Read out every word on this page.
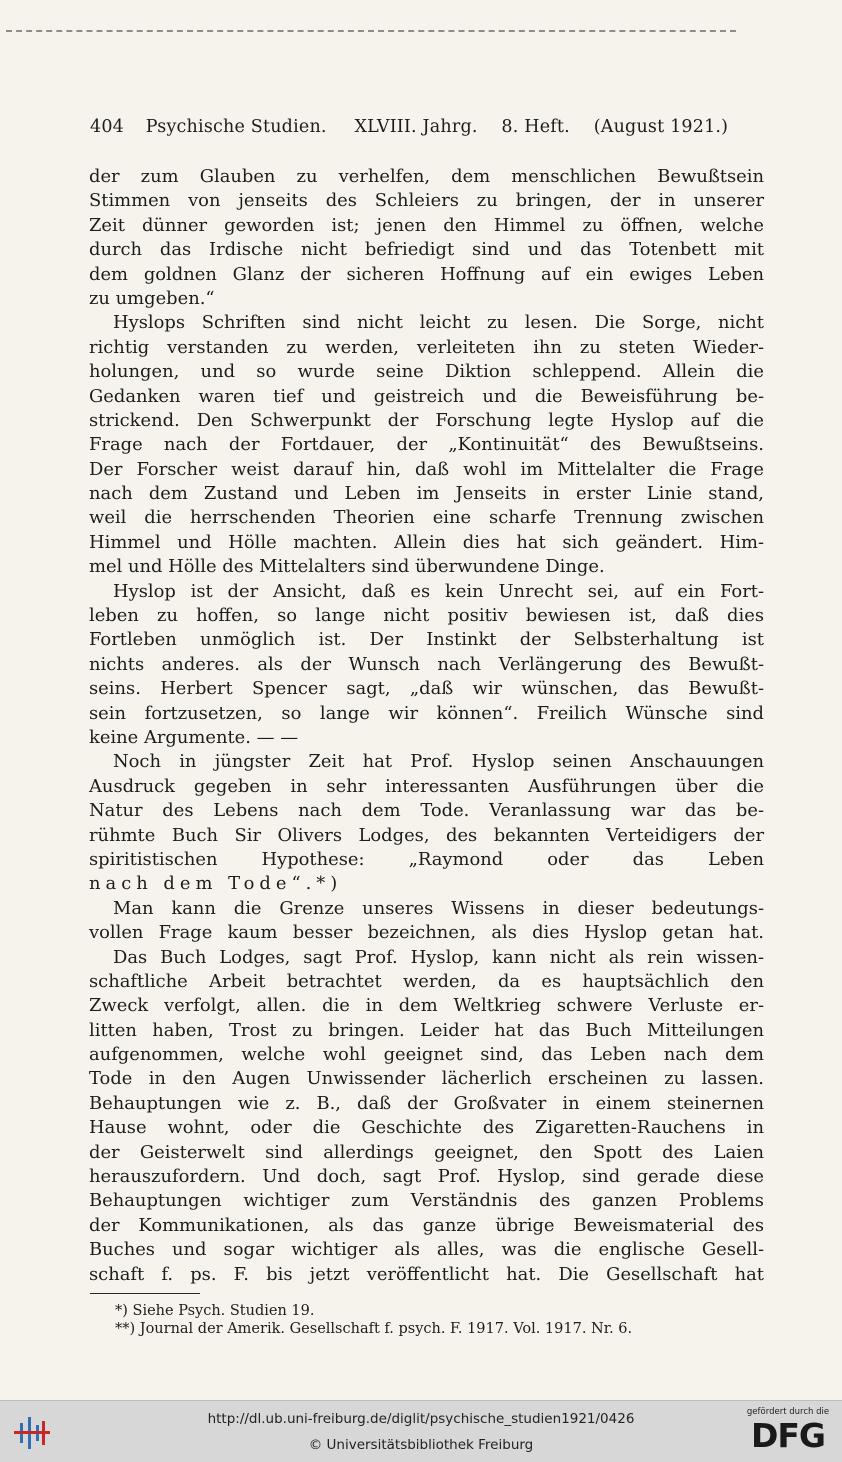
404 Psychische Studien. XLVIII. Jahrg. 8. Heft. (August 1921.)
der zum Glauben zu verhelfen, dem menschlichen Bewußtsein
Stimmen von jenseits des Schleiers zu bringen, der in unserer
Zeit dünner geworden ist; jenen den Himmel zu öffnen, welche
durch das Irdische nicht befriedigt sind und das Totenbett mit
dem goldnen Glanz der sicheren Hoffnung auf ein ewiges Leben
zu umgeben.“
Hyslops Schriften sind nicht leicht zu lesen. Die Sorge, nicht
richtig verstanden zu werden, verleiteten ihn zu steten Wieder-
holungen, und so wurde seine Diktion schleppend. Allein die
Gedanken waren tief und geistreich und die Beweisführung be-
strickend. Den Schwerpunkt der Forschung legte Hyslop auf die
Frage nach der Fortdauer, der „Kontinuität“ des Bewußtseins.
Der Forscher weist darauf hin, daß wohl im Mittelalter die Frage
nach dem Zustand und Leben im Jenseits in erster Linie stand,
weil die herrschenden Theorien eine scharfe Trennung zwischen
Himmel und Hölle machten. Allein dies hat sich geändert. Him-
mel und Hölle des Mittelalters sind überwundene Dinge.
Hyslop ist der Ansicht, daß es kein Unrecht sei, auf ein Fort-
leben zu hoffen, so lange nicht positiv bewiesen ist, daß dies
Fortleben unmöglich ist. Der Instinkt der Selbsterhaltung ist
nichts anderes. als der Wunsch nach Verlängerung des Bewußt-
seins. Herbert Spencer sagt, „daß wir wünschen, das Bewußt-
sein fortzusetzen, so lange wir können“. Freilich Wünsche sind
keine Argumente. — —
Noch in jüngster Zeit hat Prof. Hyslop seinen Anschauungen
Ausdruck gegeben in sehr interessanten Ausführungen über die
Natur des Lebens nach dem Tode. Veranlassung war das be-
rühmte Buch Sir Olivers Lodges, des bekannten Verteidigers der
spiritistischen Hypothese: „Raymond oder das Leben
nach dem Tode“.*)
Man kann die Grenze unseres Wissens in dieser bedeutungs-
vollen Frage kaum besser bezeichnen, als dies Hyslop getan hat.
Das Buch Lodges, sagt Prof. Hyslop, kann nicht als rein wissen-
schaftliche Arbeit betrachtet werden, da es hauptsächlich den
Zweck verfolgt, allen. die in dem Weltkrieg schwere Verluste er-
litten haben, Trost zu bringen. Leider hat das Buch Mitteilungen
aufgenommen, welche wohl geeignet sind, das Leben nach dem
Tode in den Augen Unwissender lächerlich erscheinen zu lassen.
Behauptungen wie z. B., daß der Großvater in einem steinernen
Hause wohnt, oder die Geschichte des Zigaretten-Rauchens in
der Geisterwelt sind allerdings geeignet, den Spott des Laien
herauszufordern. Und doch, sagt Prof. Hyslop, sind gerade diese
Behauptungen wichtiger zum Verständnis des ganzen Problems
der Kommunikationen, als das ganze übrige Beweismaterial des
Buches und sogar wichtiger als alles, was die englische Gesell-
schaft f. ps. F. bis jetzt veröffentlicht hat. Die Gesellschaft hat
*) Siehe Psych. Studien 19.
**) Journal der Amerik. Gesellschaft f. psych. F. 1917. Vol. 1917. Nr. 6.
http://dl.ub.uni-freiburg.de/diglit/psychische_studien1921/0426
© Universitätsbibliothek Freiburg
gefördert durch die
DFG
